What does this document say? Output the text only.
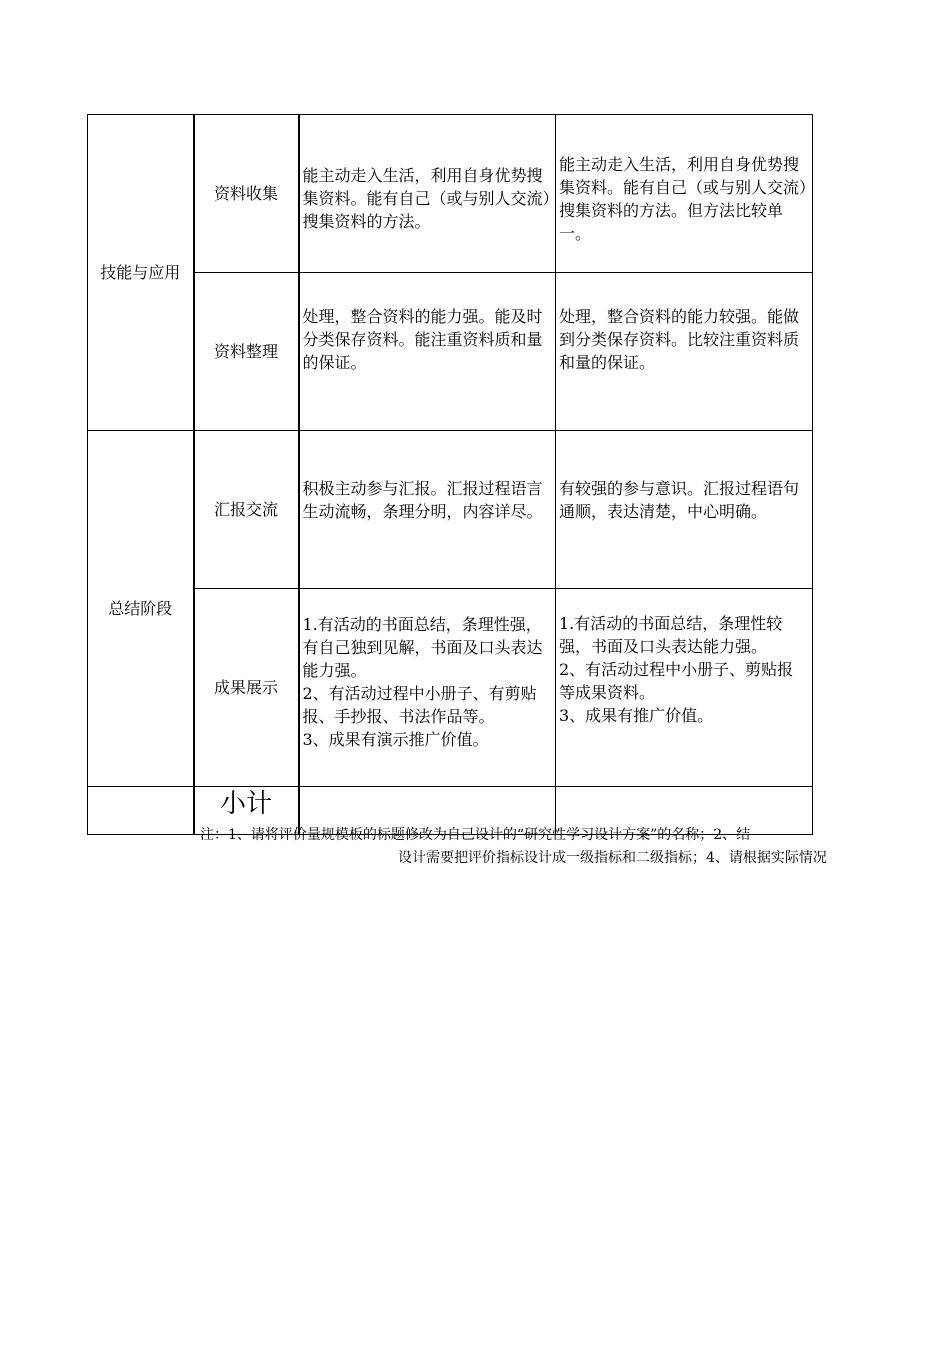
技能与应用	资料收集	能主动走入生活，利用自身优势搜集资料。能有自己（或与别人交流）搜集资料的方法。	能主动走入生活，利用自身优势搜集资料。能有自己（或与别人交流）搜集资料的方法。但方法比较单一。

	资料整理	处理，整合资料的能力强。能及时分类保存资料。能注重资料质和量的保证。	处理，整合资料的能力较强。能做到分类保存资料。比较注重资料质和量的保证。

总结阶段	汇报交流	积极主动参与汇报。汇报过程语言生动流畅，条理分明，内容详尽。	有较强的参与意识。汇报过程语句通顺，表达清楚，中心明确。

	成果展示	1.有活动的书面总结，条理性强，有自己独到见解，书面及口头表达能力强。
2、有活动过程中小册子、有剪贴报、手抄报、书法作品等。
3、成果有演示推广价值。	1.有活动的书面总结，条理性较强，书面及口头表达能力强。
2、有活动过程中小册子、剪贴报等成果资料。
3、成果有推广价值。

	小计		
注：1、请将评价量规模板的标题修改为自己设计的“研究性学习设计方案”的名称；2、结
设计需要把评价指标设计成一级指标和二级指标；4、请根据实际情况
